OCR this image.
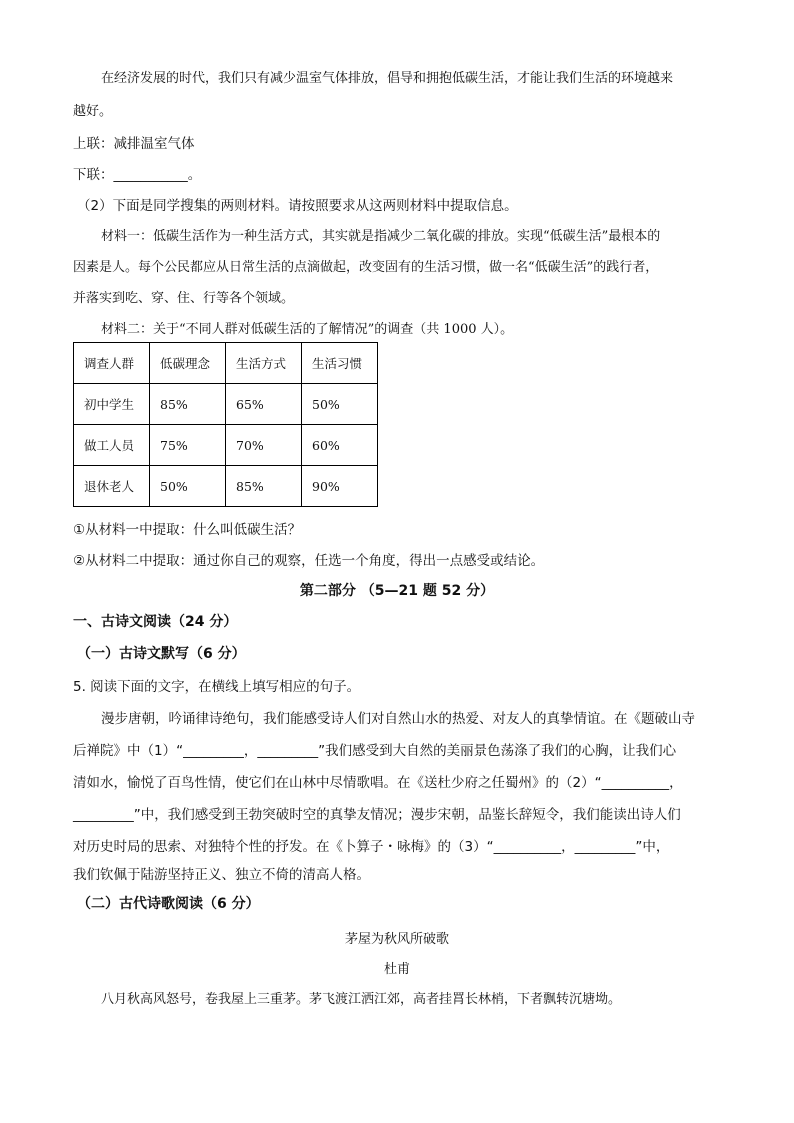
在经济发展的时代，我们只有减少温室气体排放，倡导和拥抱低碳生活，才能让我们生活的环境越来
越好。
上联：减排温室气体
下联：___________。
（2）下面是同学搜集的两则材料。请按照要求从这两则材料中提取信息。
材料一：低碳生活作为一种生活方式，其实就是指减少二氧化碳的排放。实现“低碳生活”最根本的
因素是人。每个公民都应从日常生活的点滴做起，改变固有的生活习惯，做一名“低碳生活”的践行者，
并落实到吃、穿、住、行等各个领域。
材料二：关于“不同人群对低碳生活的了解情况”的调查（共 1000 人）。
调查人群	低碳理念	生活方式	生活习惯
初中学生	85%	65%	50%
做工人员	75%	70%	60%
退休老人	50%	85%	90%
①从材料一中提取：什么叫低碳生活？
②从材料二中提取：通过你自己的观察，任选一个角度，得出一点感受或结论。
第二部分 （5—21 题 52 分）
一、古诗文阅读（24 分）
（一）古诗文默写（6 分）
5. 阅读下面的文字，在横线上填写相应的句子。
漫步唐朝，吟诵律诗绝句，我们能感受诗人们对自然山水的热爱、对友人的真挚情谊。在《题破山寺
后禅院》中（1）“_________，_________”我们感受到大自然的美丽景色荡涤了我们的心胸，让我们心
清如水，愉悦了百鸟性情，使它们在山林中尽情歌唱。在《送杜少府之任蜀州》的（2）“__________，
_________”中，我们感受到王勃突破时空的真挚友情况；漫步宋朝，品鉴长辞短令，我们能读出诗人们
对历史时局的思索、对独特个性的抒发。在《卜算子・咏梅》的（3）“__________，_________”中，
我们钦佩于陆游坚持正义、独立不倚的清高人格。
（二）古代诗歌阅读（6 分）
茅屋为秋风所破歌
杜甫
八月秋高风怒号，卷我屋上三重茅。茅飞渡江洒江郊，高者挂罥长林梢，下者飘转沉塘坳。
